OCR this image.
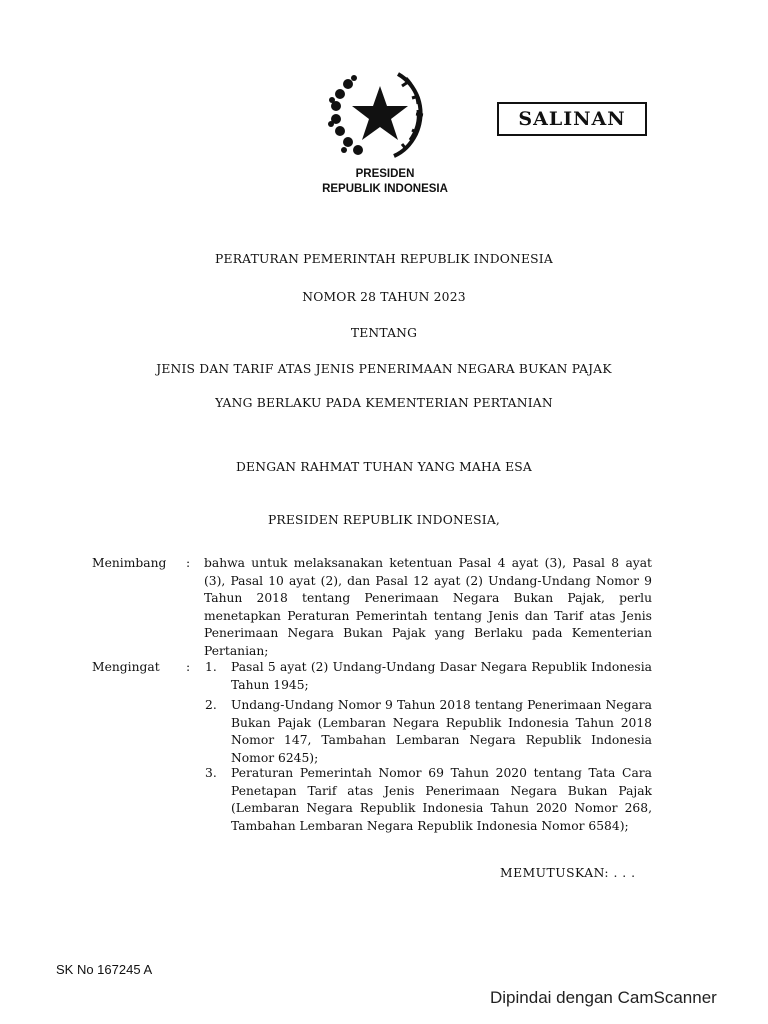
SALINAN
PRESIDEN
REPUBLIK INDONESIA
PERATURAN PEMERINTAH REPUBLIK INDONESIA
NOMOR 28 TAHUN 2023
TENTANG
JENIS DAN TARIF ATAS JENIS PENERIMAAN NEGARA BUKAN PAJAK
YANG BERLAKU PADA KEMENTERIAN PERTANIAN
DENGAN RAHMAT TUHAN YANG MAHA ESA
PRESIDEN REPUBLIK INDONESIA,
Menimbang : bahwa untuk melaksanakan ketentuan Pasal 4 ayat (3), Pasal 8 ayat (3), Pasal 10 ayat (2), dan Pasal 12 ayat (2) Undang-Undang Nomor 9 Tahun 2018 tentang Penerimaan Negara Bukan Pajak, perlu menetapkan Peraturan Pemerintah tentang Jenis dan Tarif atas Jenis Penerimaan Negara Bukan Pajak yang Berlaku pada Kementerian Pertanian;
Mengingat : 1. Pasal 5 ayat (2) Undang-Undang Dasar Negara Republik Indonesia Tahun 1945;
2. Undang-Undang Nomor 9 Tahun 2018 tentang Penerimaan Negara Bukan Pajak (Lembaran Negara Republik Indonesia Tahun 2018 Nomor 147, Tambahan Lembaran Negara Republik Indonesia Nomor 6245);
3. Peraturan Pemerintah Nomor 69 Tahun 2020 tentang Tata Cara Penetapan Tarif atas Jenis Penerimaan Negara Bukan Pajak (Lembaran Negara Republik Indonesia Tahun 2020 Nomor 268, Tambahan Lembaran Negara Republik Indonesia Nomor 6584);
MEMUTUSKAN: . . .
SK No 167245 A
Dipindai dengan CamScanner
